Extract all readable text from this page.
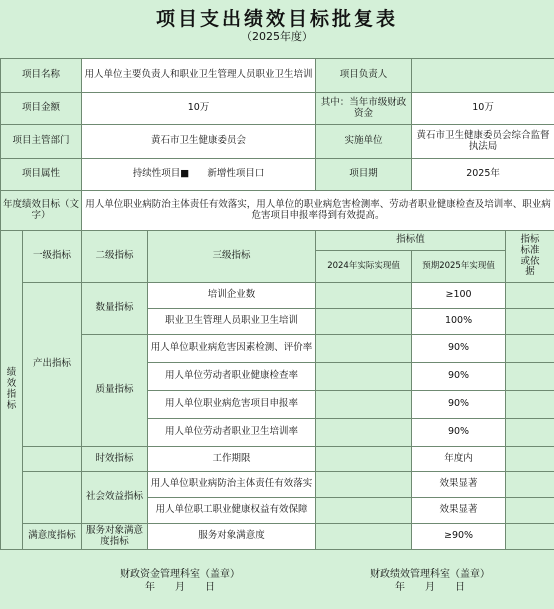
项目支出绩效目标批复表
（2025年度）
项目名称		用人单位主要负责人和职业卫生管理人员职业卫生培训		项目负责人		
项目金额		10万		其中：当年市级财政资金	10万	
项目主管部门		黄石市卫生健康委员会		实施单位	黄石市卫生健康委员会综合监督执法局	
项目属性		持续性项目■ 新增性项目口		项目期	2025年	
年度绩效目标（文字）		用人单位职业病防治主体责任有效落实，用人单位的职业病危害检测率、劳动者职业健康检查及培训率、职业病危害项目申报率得到有效提高。				
绩效指标	一级指标	二级指标	三级指标	指标值		指标标准或依据
				2024年实际实现值	预期2025年实现值	
	产出指标	数量指标	培训企业数		≥100	
			职业卫生管理人员职业卫生培训		100%	
		质量指标	用人单位职业病危害因素检测、评价率		90%	
			用人单位劳动者职业健康检查率		90%	
			用人单位职业病危害项目申报率		90%	
			用人单位劳动者职业卫生培训率		90%	
		时效指标	工作期限		年度内	
		社会效益指标	用人单位职业病防治主体责任有效落实		效果显著	
			用人单位职工职业健康权益有效保障		效果显著	
	满意度指标	服务对象满意度指标	服务对象满意度		≥90%	
财政资金管理科室（盖章）
年　　月　　日
财政绩效管理科室（盖章）
年　　月　　日
